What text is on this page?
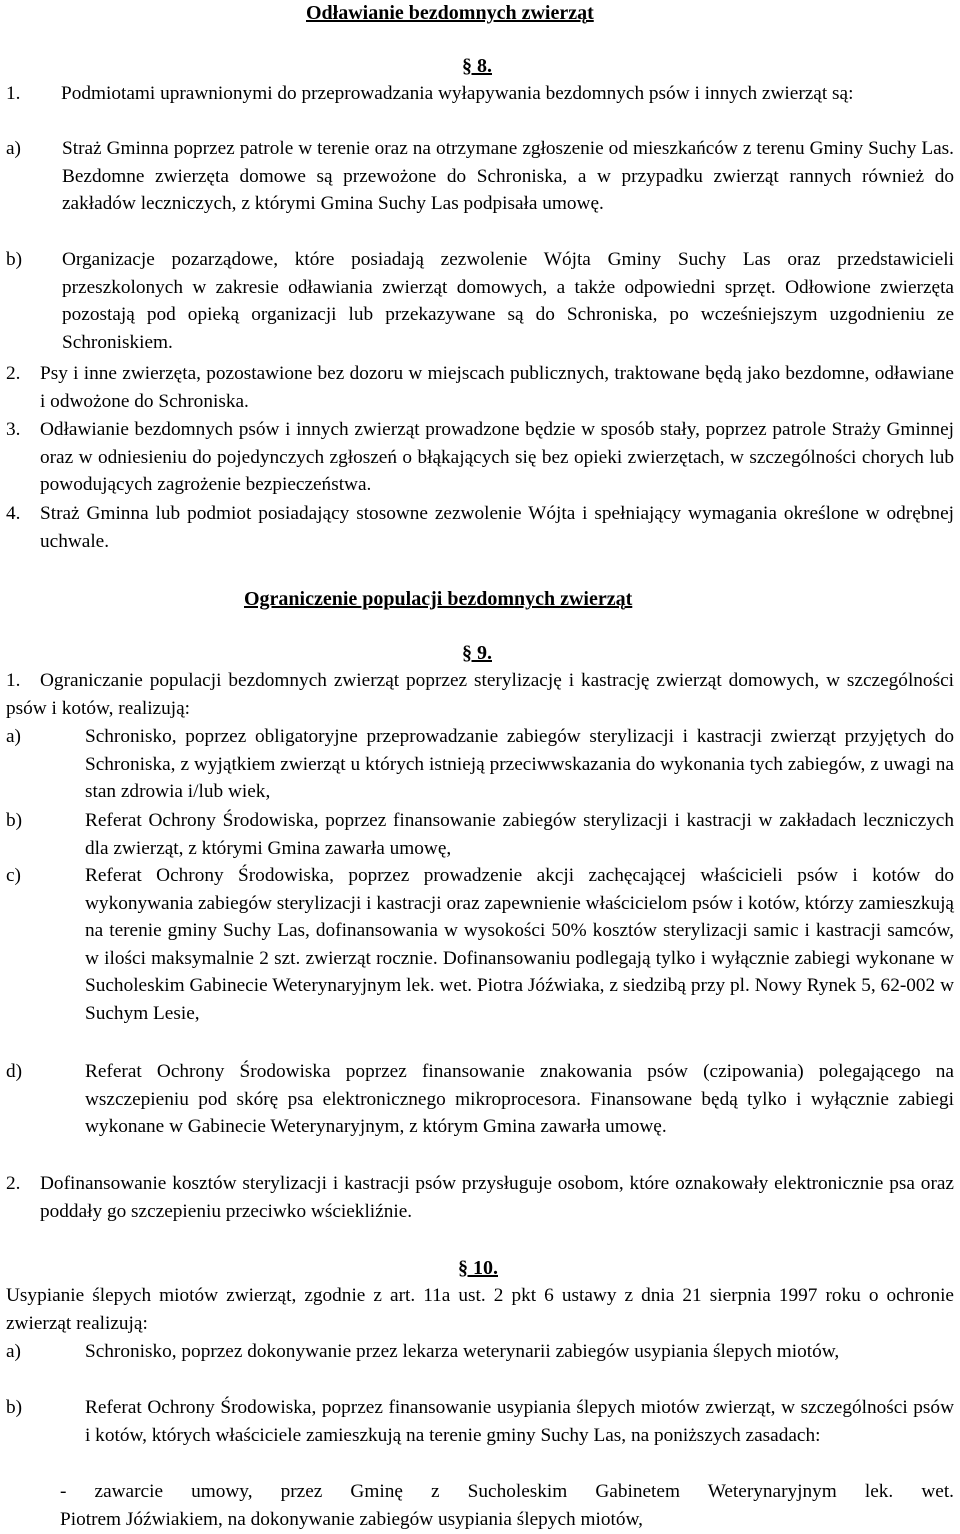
Odławianie bezdomnych zwierząt
§ 8.
1.	Podmiotami uprawnionymi do przeprowadzania wyłapywania bezdomnych psów i innych zwierząt są:
a) Straż Gminna poprzez patrole w terenie oraz na otrzymane zgłoszenie od mieszkańców z terenu Gminy Suchy Las. Bezdomne zwierzęta domowe są przewożone do Schroniska, a w przypadku zwierząt rannych również do zakładów leczniczych, z którymi Gmina Suchy Las podpisała umowę.
b) Organizacje pozarządowe, które posiadają zezwolenie Wójta Gminy Suchy Las oraz przedstawicieli przeszkolonych w zakresie odławiania zwierząt domowych, a także odpowiedni sprzęt. Odłowione zwierzęta pozostają pod opieką organizacji lub przekazywane są do Schroniska, po wcześniejszym uzgodnieniu ze Schroniskiem.
2. Psy i inne zwierzęta, pozostawione bez dozoru w miejscach publicznych, traktowane będą jako bezdomne, odławiane i odwożone do Schroniska.
3. Odławianie bezdomnych psów i innych zwierząt prowadzone będzie w sposób stały, poprzez patrole Straży Gminnej oraz w odniesieniu do pojedynczych zgłoszeń o błąkających się bez opieki zwierzętach, w szczególności chorych lub powodujących zagrożenie bezpieczeństwa.
4. Straż Gminna lub podmiot posiadający stosowne zezwolenie Wójta i spełniający wymagania określone w odrębnej uchwale.
Ograniczenie populacji bezdomnych zwierząt
§ 9.
1.	Ograniczanie populacji bezdomnych zwierząt poprzez sterylizację i kastrację zwierząt domowych, w szczególności psów i kotów, realizują:
a)	Schronisko, poprzez obligatoryjne przeprowadzanie zabiegów sterylizacji i kastracji zwierząt przyjętych do Schroniska, z wyjątkiem zwierząt u których istnieją przeciwwskazania do wykonania tych zabiegów, z uwagi na stan zdrowia i/lub wiek,
b)	Referat Ochrony Środowiska, poprzez finansowanie zabiegów sterylizacji i kastracji w zakładach leczniczych dla zwierząt, z którymi Gmina zawarła umowę,
c)	Referat Ochrony Środowiska, poprzez prowadzenie akcji zachęcającej właścicieli psów i kotów do wykonywania zabiegów sterylizacji i kastracji oraz zapewnienie właścicielom psów i kotów, którzy zamieszkują na terenie gminy Suchy Las, dofinansowania w wysokości 50% kosztów sterylizacji samic i kastracji samców, w ilości maksymalnie 2 szt. zwierząt rocznie. Dofinansowaniu podlegają tylko i wyłącznie zabiegi wykonane w Sucholeskim Gabinecie Weterynaryjnym lek. wet. Piotra Jóźwiaka, z siedzibą przy pl. Nowy Rynek 5, 62-002 w Suchym Lesie,
d)	Referat Ochrony Środowiska poprzez finansowanie znakowania psów (czipowania) polegającego na wszczepieniu pod skórę psa elektronicznego mikroprocesora. Finansowane będą tylko i wyłącznie zabiegi wykonane w Gabinecie Weterynaryjnym, z którym Gmina zawarła umowę.
2. Dofinansowanie kosztów sterylizacji i kastracji psów przysługuje osobom, które oznakowały elektronicznie psa oraz poddały go szczepieniu przeciwko wściekliźnie.
§ 10.
Usypianie ślepych miotów zwierząt, zgodnie z art. 11a ust. 2 pkt 6 ustawy z dnia 21 sierpnia 1997 roku o ochronie zwierząt realizują:
a)	Schronisko, poprzez dokonywanie przez lekarza weterynarii zabiegów usypiania ślepych miotów,
b)	Referat Ochrony Środowiska, poprzez finansowanie usypiania ślepych miotów zwierząt, w szczególności psów i kotów, których właściciele zamieszkują na terenie gminy Suchy Las, na poniższych zasadach:
- zawarcie umowy, przez Gminę z Sucholeskim Gabinetem Weterynaryjnym lek. wet.
Piotrem Jóźwiakiem, na dokonywanie zabiegów usypiania ślepych miotów,
